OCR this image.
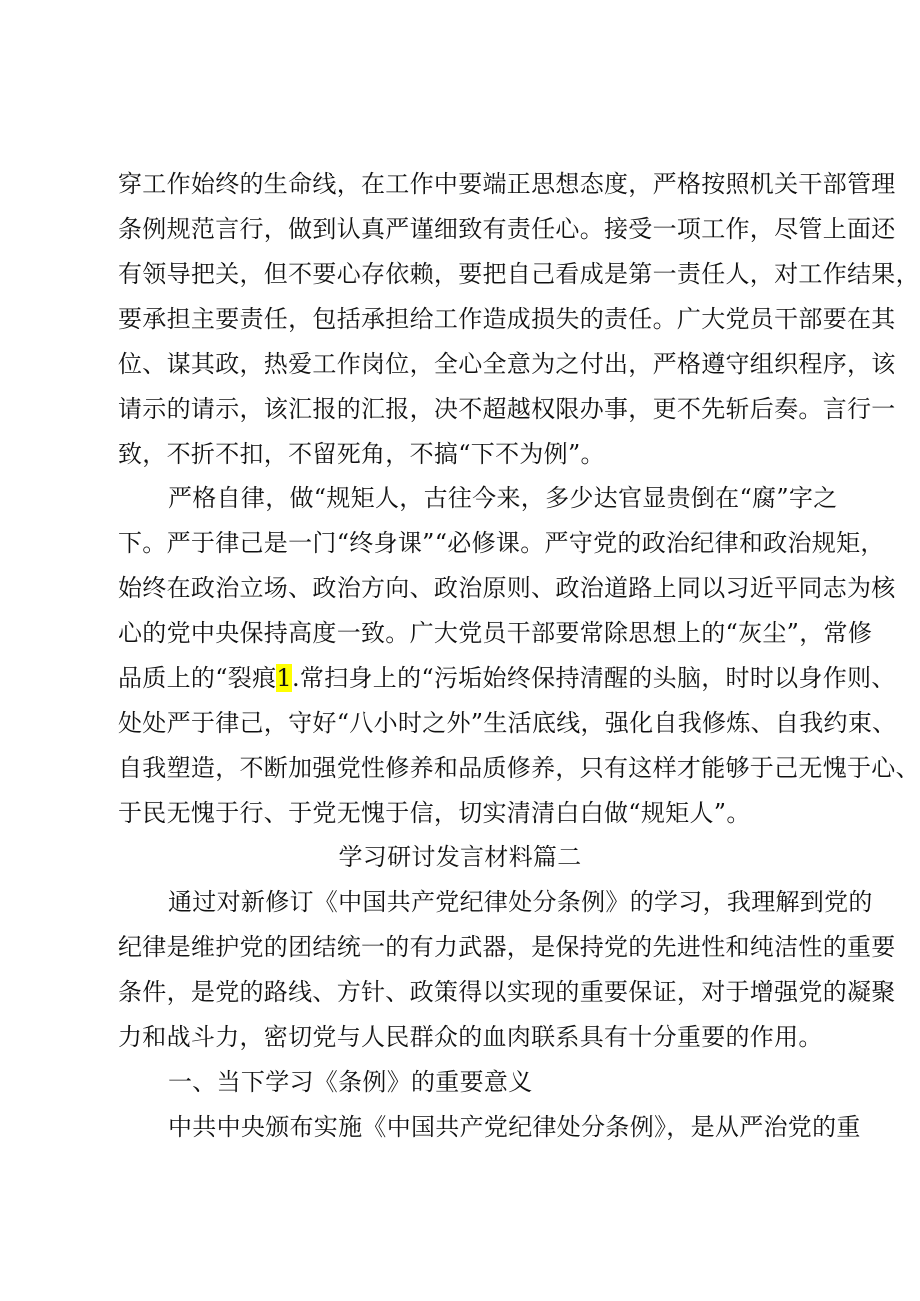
穿工作始终的生命线，在工作中要端正思想态度，严格按照机关干部管理
条例规范言行，做到认真严谨细致有责任心。接受一项工作，尽管上面还
有领导把关，但不要心存依赖，要把自己看成是第一责任人，对工作结果，
要承担主要责任，包括承担给工作造成损失的责任。广大党员干部要在其
位、谋其政，热爱工作岗位，全心全意为之付出，严格遵守组织程序，该
请示的请示，该汇报的汇报，决不超越权限办事，更不先斩后奏。言行一
致，不折不扣，不留死角，不搞“下不为例”。
严格自律，做“规矩人，古往今来，多少达官显贵倒在“腐”字之
下。严于律己是一门“终身课”“必修课。严守党的政治纪律和政治规矩，
始终在政治立场、政治方向、政治原则、政治道路上同以习近平同志为核
心的党中央保持高度一致。广大党员干部要常除思想上的“灰尘”，常修
品质上的“裂痕1.常扫身上的“污垢始终保持清醒的头脑，时时以身作则、
处处严于律己，守好“八小时之外”生活底线，强化自我修炼、自我约束、
自我塑造，不断加强党性修养和品质修养，只有这样才能够于己无愧于心、
于民无愧于行、于党无愧于信，切实清清白白做“规矩人”。
学习研讨发言材料篇二
通过对新修订《中国共产党纪律处分条例》的学习，我理解到党的
纪律是维护党的团结统一的有力武器，是保持党的先进性和纯洁性的重要
条件，是党的路线、方针、政策得以实现的重要保证，对于增强党的凝聚
力和战斗力，密切党与人民群众的血肉联系具有十分重要的作用。
一、当下学习《条例》的重要意义
中共中央颁布实施《中国共产党纪律处分条例》，是从严治党的重
